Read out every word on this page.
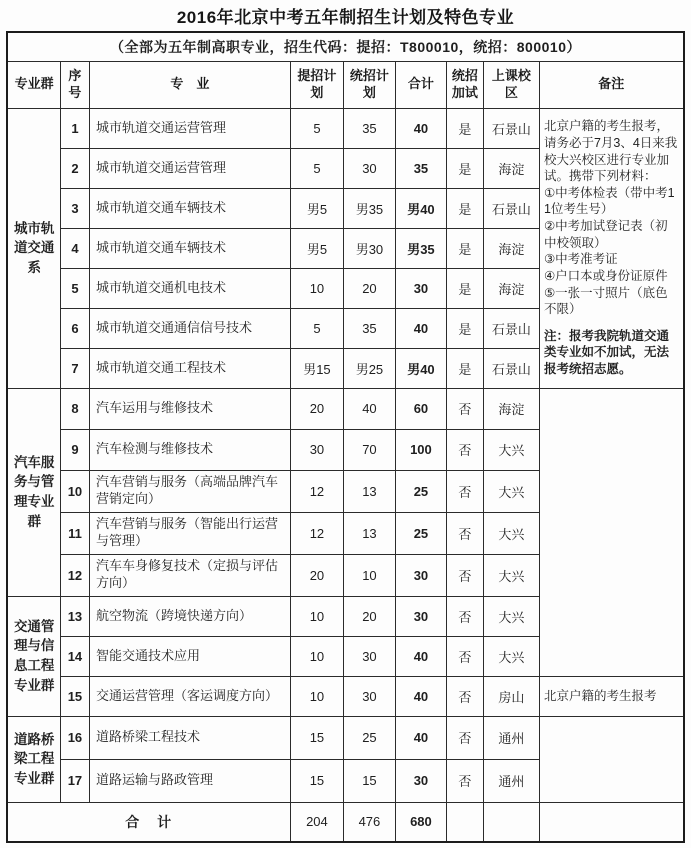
2016年北京中考五年制招生计划及特色专业
（全部为五年制高职专业，招生代码：提招：T800010，统招：800010）								
专业群	序号	专　业	提招计划	统招计划	合计	统招加试	上课校区	备注
城市轨道交通系	1	城市轨道交通运营管理	5	35	40	是	石景山	北京户籍的考生报考，请务必于7月3、4日来我校大兴校区进行专业加试。携带下列材料：
①中考体检表（带中考11位考生号）
②中考加试登记表（初中校领取）
③中考准考证
④户口本或身份证原件
⑤一张一寸照片（底色不限）
注：报考我院轨道交通类专业如不加试，无法报考统招志愿。

	2	城市轨道交通运营管理	5	30	35	是	海淀	
	3	城市轨道交通车辆技术	男5	男35	男40	是	石景山	
	4	城市轨道交通车辆技术	男5	男30	男35	是	海淀	
	5	城市轨道交通机电技术	10	20	30	是	海淀	
	6	城市轨道交通通信信号技术	5	35	40	是	石景山	
	7	城市轨道交通工程技术	男15	男25	男40	是	石景山	
汽车服务与管理专业群	8	汽车运用与维修技术	20	40	60	否	海淀	
	9	汽车检测与维修技术	30	70	100	否	大兴	
	10	汽车营销与服务（高端品牌汽车营销定向）	12	13	25	否	大兴	
	11	汽车营销与服务（智能出行运营与管理）	12	13	25	否	大兴	
	12	汽车车身修复技术（定损与评估方向）	20	10	30	否	大兴	
交通管理与信息工程专业群	13	航空物流（跨境快递方向）	10	20	30	否	大兴	
	14	智能交通技术应用	10	30	40	否	大兴	
	15	交通运营管理（客运调度方向）	10	30	40	否	房山	北京户籍的考生报考
道路桥梁工程专业群	16	道路桥梁工程技术	15	25	40	否	通州	
	17	道路运输与路政管理	15	15	30	否	通州	
合　计			204	476	680			
